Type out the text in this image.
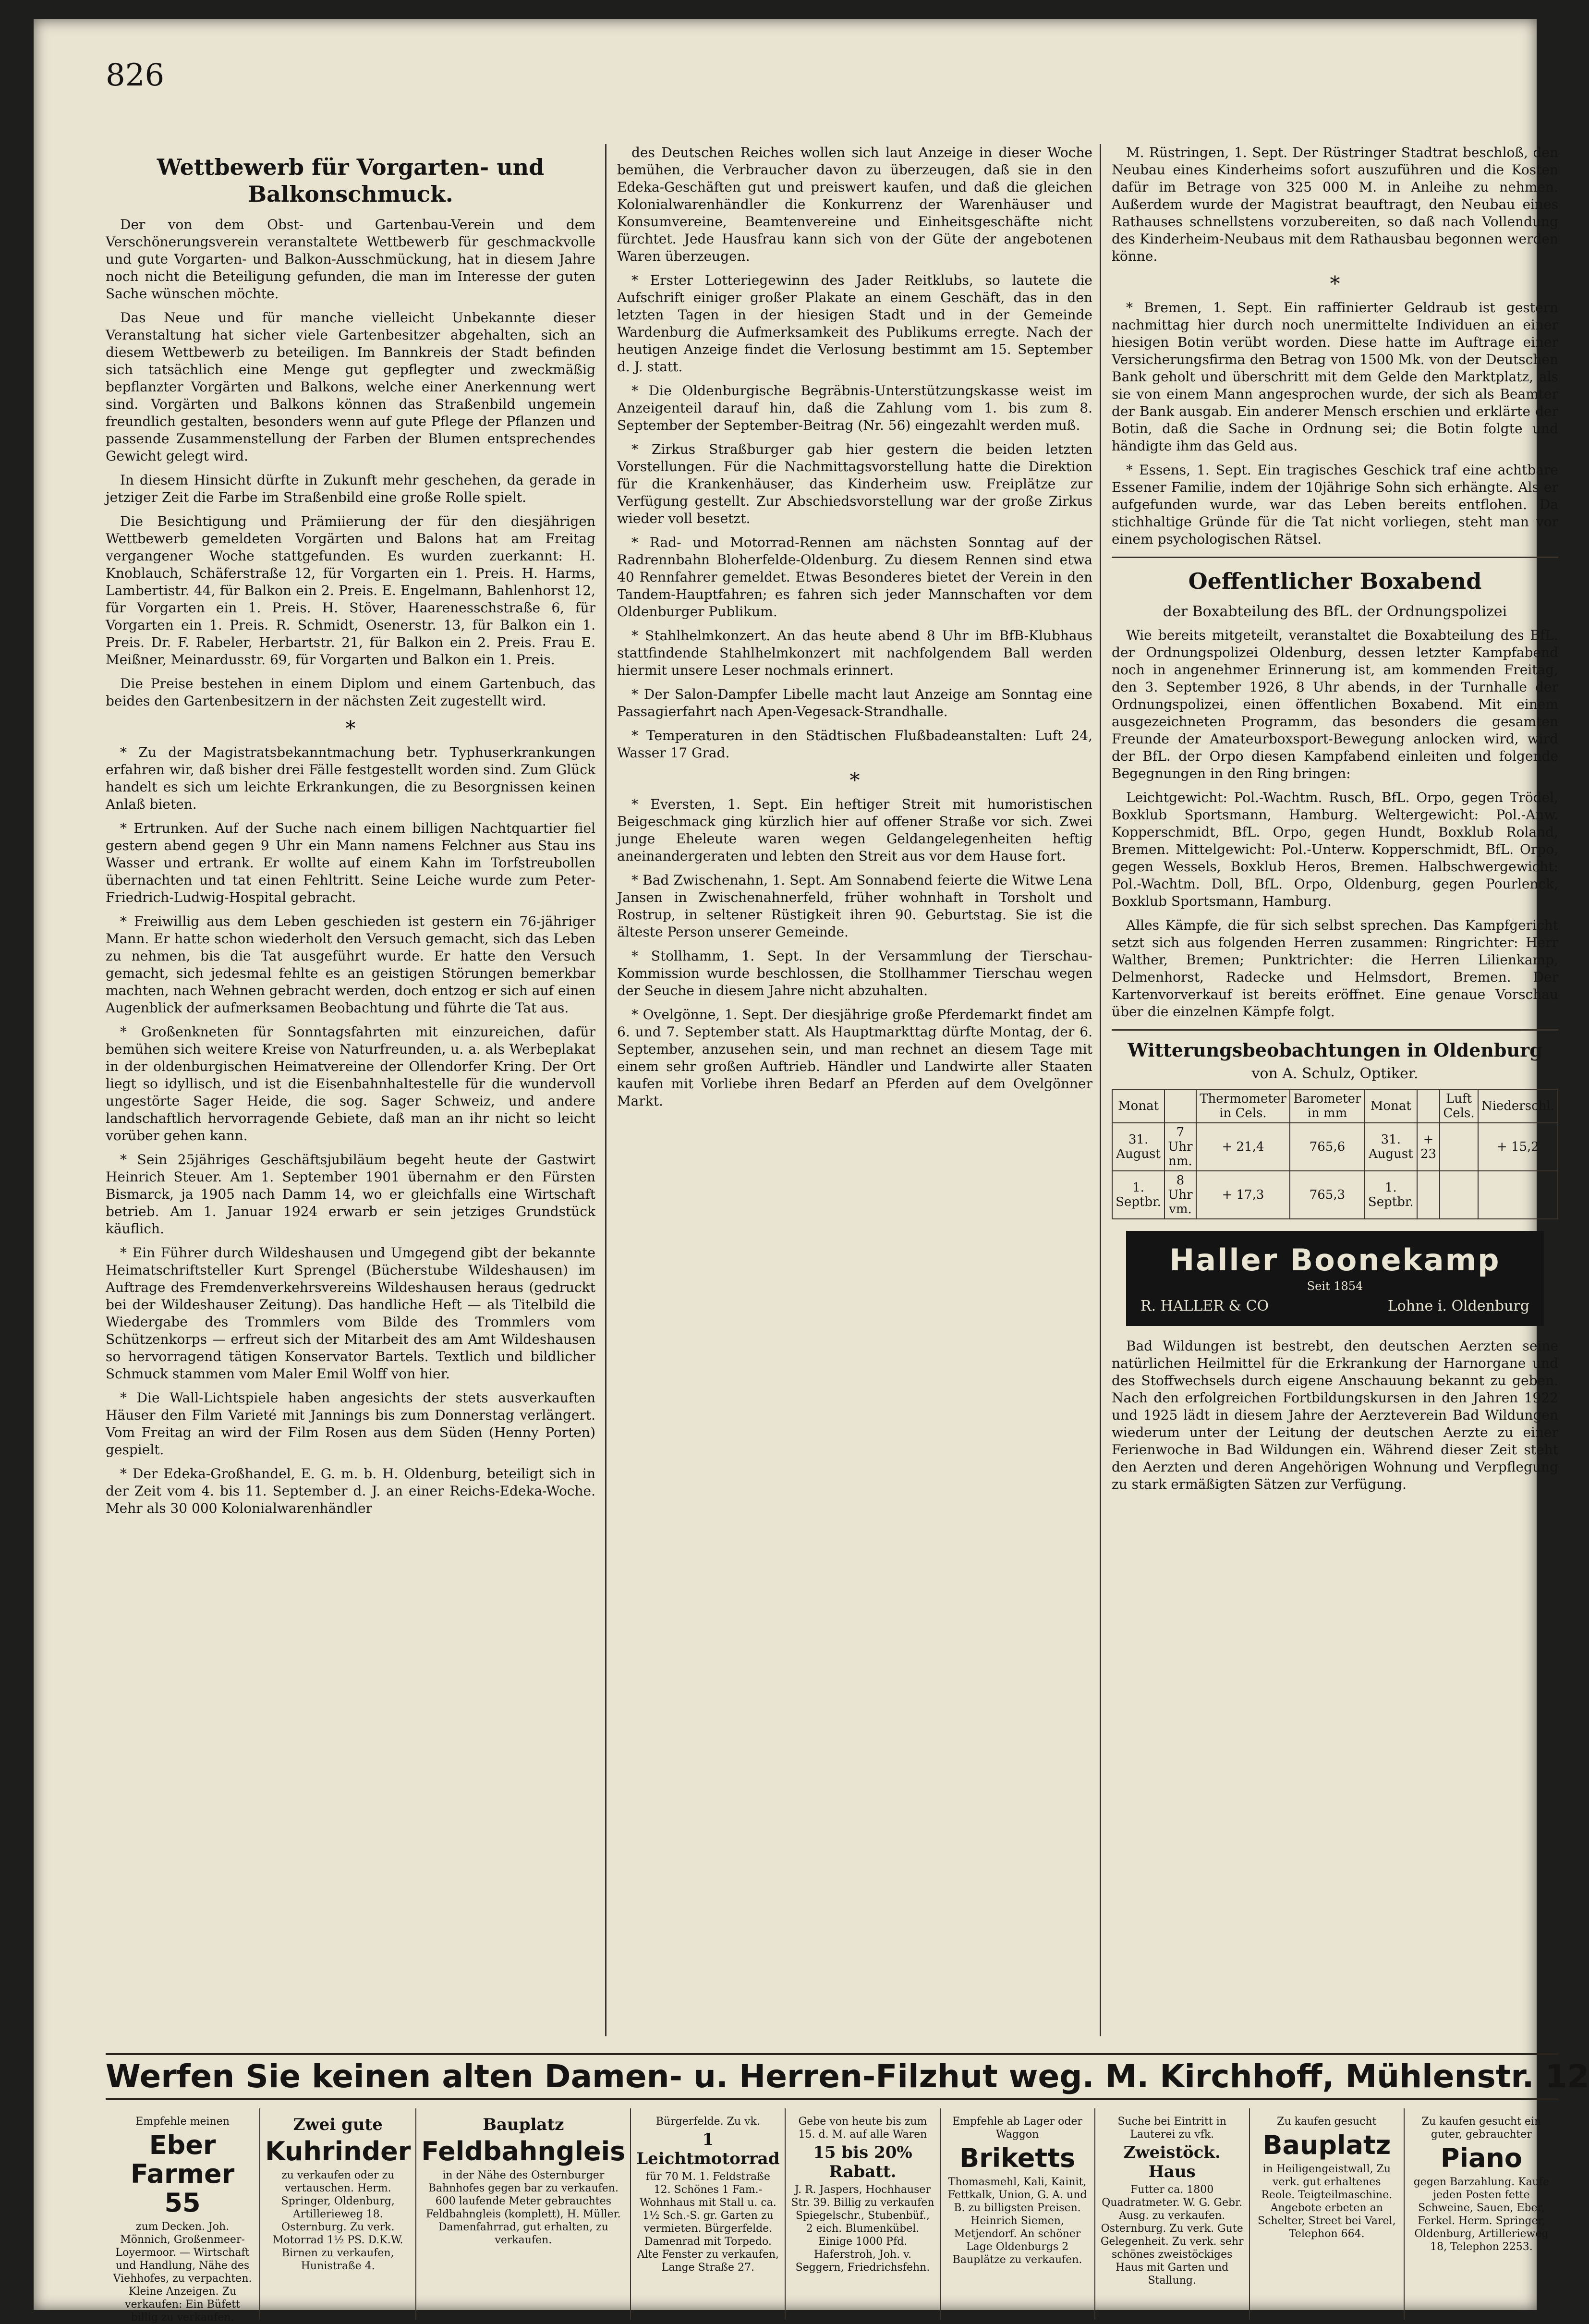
826
Wettbewerb für Vorgarten- und Balkonschmuck.

Der von dem Obst- und Gartenbau-Verein und dem Verschönerungsverein veranstaltete Wettbewerb für geschmackvolle und gute Vorgarten- und Balkon-Ausschmückung, hat in diesem Jahre noch nicht die Beteiligung gefunden, die man im Interesse der guten Sache wünschen möchte.

Das Neue und für manche vielleicht Unbekannte dieser Veranstaltung hat sicher viele Gartenbesitzer abgehalten, sich an diesem Wettbewerb zu beteiligen. Im Bannkreis der Stadt befinden sich tatsächlich eine Menge gut gepflegter und zweckmäßig bepflanzter Vorgärten und Balkons, welche einer Anerkennung wert sind. Vorgärten und Balkons können das Straßenbild ungemein freundlich gestalten, besonders wenn auf gute Pflege der Pflanzen und passende Zusammenstellung der Farben der Blumen entsprechendes Gewicht gelegt wird.

In diesem Hinsicht dürfte in Zukunft mehr geschehen, da gerade in jetziger Zeit die Farbe im Straßenbild eine große Rolle spielt.

Die Besichtigung und Prämiierung der für den diesjährigen Wettbewerb gemeldeten Vorgärten und Balons hat am Freitag vergangener Woche stattgefunden. Es wurden zuerkannt: H. Knoblauch, Schäferstraße 12, für Vorgarten ein 1. Preis. H. Harms, Lambertistr. 44, für Balkon ein 2. Preis. E. Engelmann, Bahlenhorst 12, für Vorgarten ein 1. Preis. H. Stöver, Haarenesschstraße 6, für Vorgarten ein 1. Preis. R. Schmidt, Osenerstr. 13, für Balkon ein 1. Preis. Dr. F. Rabeler, Herbartstr. 21, für Balkon ein 2. Preis. Frau E. Meißner, Meinardusstr. 69, für Vorgarten und Balkon ein 1. Preis.

Die Preise bestehen in einem Diplom und einem Gartenbuch, das beides den Gartenbesitzern in der nächsten Zeit zugestellt wird.

*

* Zu der Magistratsbekanntmachung betr. Typhuserkrankungen erfahren wir, daß bisher drei Fälle festgestellt worden sind. Zum Glück handelt es sich um leichte Erkrankungen, die zu Besorgnissen keinen Anlaß bieten.

* Ertrunken. Auf der Suche nach einem billigen Nachtquartier fiel gestern abend gegen 9 Uhr ein Mann namens Felchner aus Stau ins Wasser und ertrank. Er wollte auf einem Kahn im Torfstreubollen übernachten und tat einen Fehltritt. Seine Leiche wurde zum Peter-Friedrich-Ludwig-Hospital gebracht.

* Freiwillig aus dem Leben geschieden ist gestern ein 76-jähriger Mann. Er hatte schon wiederholt den Versuch gemacht, sich das Leben zu nehmen, bis die Tat ausgeführt wurde. Er hatte den Versuch gemacht, sich jedesmal fehlte es an geistigen Störungen bemerkbar machten, nach Wehnen gebracht werden, doch entzog er sich auf einen Augenblick der aufmerksamen Beobachtung und führte die Tat aus.

* Großenkneten für Sonntagsfahrten mit einzureichen, dafür bemühen sich weitere Kreise von Naturfreunden, u. a. als Werbeplakat in der oldenburgischen Heimatvereine der Ollendorfer Kring. Der Ort liegt so idyllisch, und ist die Eisenbahnhaltestelle für die wundervoll ungestörte Sager Heide, die sog. Sager Schweiz, und andere landschaftlich hervorragende Gebiete, daß man an ihr nicht so leicht vorüber gehen kann.

* Sein 25jähriges Geschäftsjubiläum begeht heute der Gastwirt Heinrich Steuer. Am 1. September 1901 übernahm er den Fürsten Bismarck, ja 1905 nach Damm 14, wo er gleichfalls eine Wirtschaft betrieb. Am 1. Januar 1924 erwarb er sein jetziges Grundstück käuflich.

* Ein Führer durch Wildeshausen und Umgegend gibt der bekannte Heimatschriftsteller Kurt Sprengel (Bücherstube Wildeshausen) im Auftrage des Fremdenverkehrsvereins Wildeshausen heraus (gedruckt bei der Wildeshauser Zeitung). Das handliche Heft — als Titelbild die Wiedergabe des Trommlers vom Bilde des Trommlers vom Schützenkorps — erfreut sich der Mitarbeit des am Amt Wildeshausen so hervorragend tätigen Konservator Bartels. Textlich und bildlicher Schmuck stammen vom Maler Emil Wolff von hier.

* Die Wall-Lichtspiele haben angesichts der stets ausverkauften Häuser den Film Varieté mit Jannings bis zum Donnerstag verlängert. Vom Freitag an wird der Film Rosen aus dem Süden (Henny Porten) gespielt.

* Der Edeka-Großhandel, E. G. m. b. H. Oldenburg, beteiligt sich in der Zeit vom 4. bis 11. September d. J. an einer Reichs-Edeka-Woche. Mehr als 30 000 Kolonialwarenhändler

des Deutschen Reiches wollen sich laut Anzeige in dieser Woche bemühen, die Verbraucher davon zu überzeugen, daß sie in den Edeka-Geschäften gut und preiswert kaufen, und daß die gleichen Kolonialwarenhändler die Konkurrenz der Warenhäuser und Konsumvereine, Beamtenvereine und Einheitsgeschäfte nicht fürchtet. Jede Hausfrau kann sich von der Güte der angebotenen Waren überzeugen.

* Erster Lotteriegewinn des Jader Reitklubs, so lautete die Aufschrift einiger großer Plakate an einem Geschäft, das in den letzten Tagen in der hiesigen Stadt und in der Gemeinde Wardenburg die Aufmerksamkeit des Publikums erregte. Nach der heutigen Anzeige findet die Verlosung bestimmt am 15. September d. J. statt.

* Die Oldenburgische Begräbnis-Unterstützungskasse weist im Anzeigenteil darauf hin, daß die Zahlung vom 1. bis zum 8. September der September-Beitrag (Nr. 56) eingezahlt werden muß.

* Zirkus Straßburger gab hier gestern die beiden letzten Vorstellungen. Für die Nachmittagsvorstellung hatte die Direktion für die Krankenhäuser, das Kinderheim usw. Freiplätze zur Verfügung gestellt. Zur Abschiedsvorstellung war der große Zirkus wieder voll besetzt.

* Rad- und Motorrad-Rennen am nächsten Sonntag auf der Radrennbahn Bloherfelde-Oldenburg. Zu diesem Rennen sind etwa 40 Rennfahrer gemeldet. Etwas Besonderes bietet der Verein in den Tandem-Hauptfahren; es fahren sich jeder Mannschaften vor dem Oldenburger Publikum.

* Stahlhelmkonzert. An das heute abend 8 Uhr im BfB-Klubhaus stattfindende Stahlhelmkonzert mit nachfolgendem Ball werden hiermit unsere Leser nochmals erinnert.

* Der Salon-Dampfer Libelle macht laut Anzeige am Sonntag eine Passagierfahrt nach Apen-Vegesack-Strandhalle.

* Temperaturen in den Städtischen Flußbadeanstalten: Luft 24, Wasser 17 Grad.

*

* Eversten, 1. Sept. Ein heftiger Streit mit humoristischen Beigeschmack ging kürzlich hier auf offener Straße vor sich. Zwei junge Eheleute waren wegen Geldangelegenheiten heftig aneinandergeraten und lebten den Streit aus vor dem Hause fort.

* Bad Zwischenahn, 1. Sept. Am Sonnabend feierte die Witwe Lena Jansen in Zwischenahnerfeld, früher wohnhaft in Torsholt und Rostrup, in seltener Rüstigkeit ihren 90. Geburtstag. Sie ist die älteste Person unserer Gemeinde.

* Stollhamm, 1. Sept. In der Versammlung der Tierschau-Kommission wurde beschlossen, die Stollhammer Tierschau wegen der Seuche in diesem Jahre nicht abzuhalten.

* Ovelgönne, 1. Sept. Der diesjährige große Pferdemarkt findet am 6. und 7. September statt. Als Hauptmarkttag dürfte Montag, der 6. September, anzusehen sein, und man rechnet an diesem Tage mit einem sehr großen Auftrieb. Händler und Landwirte aller Staaten kaufen mit Vorliebe ihren Bedarf an Pferden auf dem Ovelgönner Markt.

M. Rüstringen, 1. Sept. Der Rüstringer Stadtrat beschloß, den Neubau eines Kinderheims sofort auszuführen und die Kosten dafür im Betrage von 325 000 M. in Anleihe zu nehmen. Außerdem wurde der Magistrat beauftragt, den Neubau eines Rathauses schnellstens vorzubereiten, so daß nach Vollendung des Kinderheim-Neubaus mit dem Rathausbau begonnen werden könne.

*

* Bremen, 1. Sept. Ein raffinierter Geldraub ist gestern nachmittag hier durch noch unermittelte Individuen an einer hiesigen Botin verübt worden. Diese hatte im Auftrage einer Versicherungsfirma den Betrag von 1500 Mk. von der Deutschen Bank geholt und überschritt mit dem Gelde den Marktplatz, als sie von einem Mann angesprochen wurde, der sich als Beamter der Bank ausgab. Ein anderer Mensch erschien und erklärte der Botin, daß die Sache in Ordnung sei; die Botin folgte und händigte ihm das Geld aus.

* Essens, 1. Sept. Ein tragisches Geschick traf eine achtbare Essener Familie, indem der 10jährige Sohn sich erhängte. Als er aufgefunden wurde, war das Leben bereits entflohen. Da stichhaltige Gründe für die Tat nicht vorliegen, steht man vor einem psychologischen Rätsel.

Oeffentlicher Boxabend
der Boxabteilung des BfL. der Ordnungspolizei

Wie bereits mitgeteilt, veranstaltet die Boxabteilung des BfL. der Ordnungspolizei Oldenburg, dessen letzter Kampfabend noch in angenehmer Erinnerung ist, am kommenden Freitag, den 3. September 1926, 8 Uhr abends, in der Turnhalle der Ordnungspolizei, einen öffentlichen Boxabend. Mit einem ausgezeichneten Programm, das besonders die gesamten Freunde der Amateurboxsport-Bewegung anlocken wird, wird der BfL. der Orpo diesen Kampfabend einleiten und folgende Begegnungen in den Ring bringen:

Leichtgewicht: Pol.-Wachtm. Rusch, BfL. Orpo, gegen Trödel, Boxklub Sportsmann, Hamburg. Weltergewicht: Pol.-Anw. Kopperschmidt, BfL. Orpo, gegen Hundt, Boxklub Roland, Bremen. Mittelgewicht: Pol.-Unterw. Kopperschmidt, BfL. Orpo, gegen Wessels, Boxklub Heros, Bremen. Halbschwergewicht: Pol.-Wachtm. Doll, BfL. Orpo, Oldenburg, gegen Pourlenck, Boxklub Sportsmann, Hamburg.

Alles Kämpfe, die für sich selbst sprechen. Das Kampfgericht setzt sich aus folgenden Herren zusammen: Ringrichter: Herr Walther, Bremen; Punktrichter: die Herren Lilienkamp, Delmenhorst, Radecke und Helmsdort, Bremen. Der Kartenvorverkauf ist bereits eröffnet. Eine genaue Vorschau über die einzelnen Kämpfe folgt.

Witterungsbeobachtungen in Oldenburg
von A. Schulz, Optiker.
Monat		Thermometer in Cels.	Barometer in mm	Monat		Luft Cels.	Niederschl.
31. August	7 Uhr nm.	+ 21,4	765,6	31. August	+ 23		+ 15,2
1. Septbr.	8 Uhr vm.	+ 17,3	765,3	1. Septbr.			
Haller Boonekamp
Seit 1854
R. HALLER & CO	Lohne i. Oldenburg

Bad Wildungen ist bestrebt, den deutschen Aerzten seine natürlichen Heilmittel für die Erkrankung der Harnorgane und des Stoffwechsels durch eigene Anschauung bekannt zu geben. Nach den erfolgreichen Fortbildungskursen in den Jahren 1922 und 1925 lädt in diesem Jahre der Aerzteverein Bad Wildungen wiederum unter der Leitung der deutschen Aerzte zu einer Ferienwoche in Bad Wildungen ein. Während dieser Zeit steht den Aerzten und deren Angehörigen Wohnung und Verpflegung zu stark ermäßigten Sätzen zur Verfügung.

Werfen Sie keinen alten Damen- u. Herren-Filzhut weg. M. Kirchhoff, Mühlenstr. 12
Empfehle meinen
Eber Farmer 55
zum Decken. Joh. Mönnich, Großenmeer-Loyermoor. — Wirtschaft und Handlung, Nähe des Viehhofes, zu verpachten. Kleine Anzeigen. Zu verkaufen: Ein Büfett billig zu verkaufen.
Zwei gute
Kuhrinder
zu verkaufen oder zu vertauschen. Herm. Springer, Oldenburg, Artillerieweg 18. Osternburg. Zu verk. Motorrad 1½ PS. D.K.W. Birnen zu verkaufen, Hunistraße 4.
Bauplatz
Feldbahngleis
in der Nähe des Osternburger Bahnhofes gegen bar zu verkaufen. 600 laufende Meter gebrauchtes Feldbahngleis (komplett), H. Müller. Damenfahrrad, gut erhalten, zu verkaufen.
Bürgerfelde. Zu vk.
1 Leichtmotorrad
für 70 M. 1. Feldstraße 12. Schönes 1 Fam.-Wohnhaus mit Stall u. ca. 1½ Sch.-S. gr. Garten zu vermieten. Bürgerfelde. Damenrad mit Torpedo. Alte Fenster zu verkaufen, Lange Straße 27.
Gebe von heute bis zum 15. d. M. auf alle Waren
15 bis 20% Rabatt.
J. R. Jaspers, Hochhauser Str. 39. Billig zu verkaufen Spiegelschr., Stubenbüf., 2 eich. Blumenkübel. Einige 1000 Pfd. Haferstroh, Joh. v. Seggern, Friedrichsfehn.
Empfehle ab Lager oder Waggon
Briketts
Thomasmehl, Kali, Kainit, Fettkalk, Union, G. A. und B. zu billigsten Preisen. Heinrich Siemen, Metjendorf. An schöner Lage Oldenburgs 2 Bauplätze zu verkaufen.
Suche bei Eintritt in Lauterei zu vfk.
Zweistöck. Haus
Futter ca. 1800 Quadratmeter. W. G. Gebr. Ausg. zu verkaufen. Osternburg. Zu verk. Gute Gelegenheit. Zu verk. sehr schönes zweistöckiges Haus mit Garten und Stallung.
Zu kaufen gesucht
Bauplatz
in Heiligengeistwall, Zu verk. gut erhaltenes Reole. Teigteilmaschine. Angebote erbeten an Schelter, Street bei Varel, Telephon 664.
Zu kaufen gesucht ein guter, gebrauchter
Piano
gegen Barzahlung. Kaufe jeden Posten fette Schweine, Sauen, Eber, Ferkel. Herm. Springer, Oldenburg, Artillerieweg 18, Telephon 2253.
